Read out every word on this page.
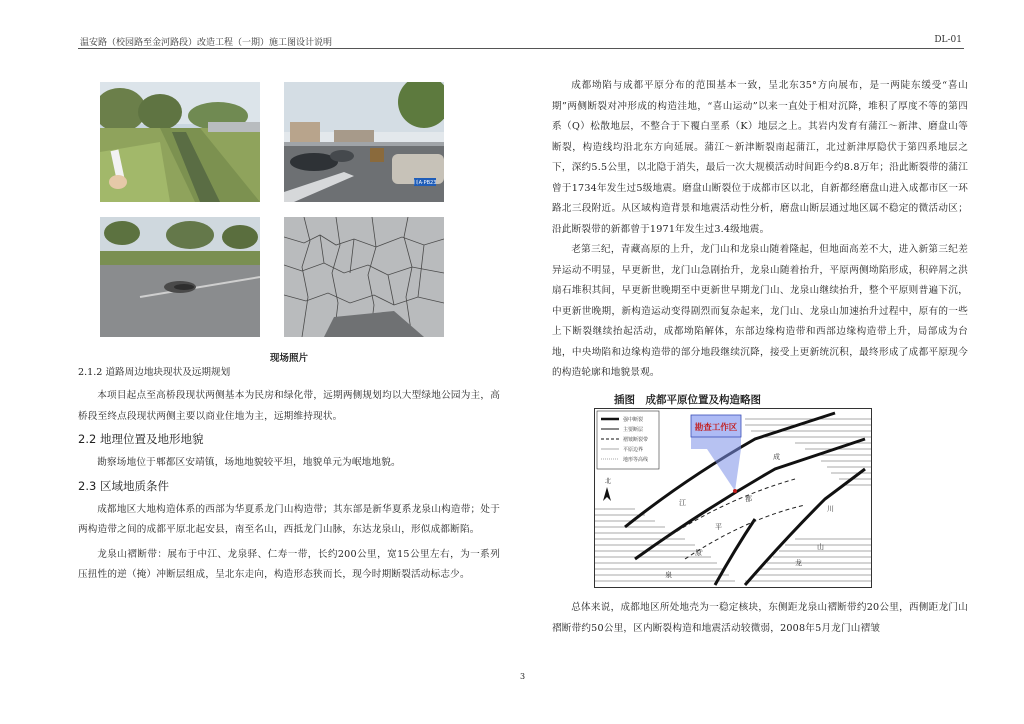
温安路（校园路至金河路段）改造工程（一期）施工图设计说明	DL-01
川A·PB23
现场照片

2.1.2 道路周边地块现状及远期规划

本项目起点至高桥段现状两侧基本为民房和绿化带，远期两侧规划均以大型绿地公园为主，高桥段至终点段现状两侧主要以商业住地为主，远期维持现状。

2.2 地理位置及地形地貌

勘察场地位于郫都区安靖镇，场地地貌较平坦，地貌单元为岷地地貌。

2.3 区域地质条件

成都地区大地构造体系的西部为华夏系龙门山构造带；其东部是新华夏系龙泉山构造带；处于两构造带之间的成都平原北起安县，南至名山，西抵龙门山脉，东达龙泉山，形似成都断陷。

龙泉山褶断带：展布于中江、龙泉驿、仁寿一带，长约200公里，宽15公里左右，为一系列压扭性的逆（掩）冲断层组成，呈北东走向，构造形态狭而长，现今时期断裂活动标志少。

成都坳陷与成都平原分布的范围基本一致，呈北东35°方向展布，是一两陡东缓受“喜山期”两侧断裂对冲形成的构造洼地，“喜山运动”以来一直处于相对沉降，堆积了厚度不等的第四系（Q）松散地层，不整合于下覆白垩系（K）地层之上。其岩内发育有蒲江～新津、磨盘山等断裂，构造线均沿北东方向延展。蒲江～新津断裂南起蒲江，北过新津厚隐伏于第四系地层之下，深约5.5公里，以北隐于消失，最后一次大规模活动时间距今约8.8万年；沿此断裂带的蒲江曾于1734年发生过5级地震。磨盘山断裂位于成都市区以北，自新都经磨盘山进入成都市区一环路北三段附近。从区域构造背景和地震活动性分析，磨盘山断层通过地区属不稳定的微活动区；沿此断裂带的新都曾于1971年发生过3.4级地震。

老第三纪，青藏高原的上升，龙门山和龙泉山随着隆起，但地面高差不大，进入新第三纪差异运动不明显，早更新世，龙门山急剧抬升，龙泉山随着抬升，平原两侧坳陷形成，积碎屑之洪扇石堆积其间，早更新世晚期至中更新世早期龙门山、龙泉山继续抬升，整个平原则普遍下沉，中更新世晚期，新构造运动变得剧烈而复杂起来，龙门山、龙泉山加速抬升过程中，原有的一些上下断裂继续抬起活动，成都坳陷解体，东部边缘构造带和西部边缘构造带上升，局部成为台地，中央坳陷和边缘构造带的部分地段继续沉降，接受上更新统沉积，最终形成了成都平原现今的构造轮廓和地貌景观。

插图　成都平原位置及构造略图
勘查工作区
强中断裂
主要断层
褶皱断裂带
平原边界
地形等高线
北
成
都
平
原
川
江
山
龙
泉

总体来说，成都地区所处地壳为一稳定核块，东侧距龙泉山褶断带约20公里，西侧距龙门山褶断带约50公里，区内断裂构造和地震活动较微弱，2008年5月龙门山褶皱

3
